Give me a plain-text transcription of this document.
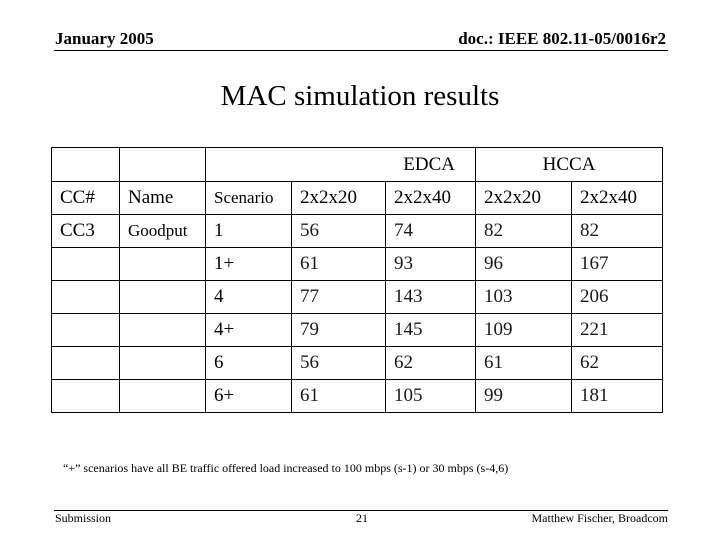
January 2005	doc.: IEEE 802.11-05/0016r2
MAC simulation results
		EDCA			HCCA	
CC#	Name	Scenario	2x2x20	2x2x40	2x2x20	2x2x40
CC3	Goodput	1	56	74	82	82
		1+	61	93	96	167
		4	77	143	103	206
		4+	79	145	109	221
		6	56	62	61	62
		6+	61	105	99	181
“+” scenarios have all BE traffic offered load increased to 100 mbps (s-1) or 30 mbps (s-4,6)
Submission	21	Matthew Fischer, Broadcom
